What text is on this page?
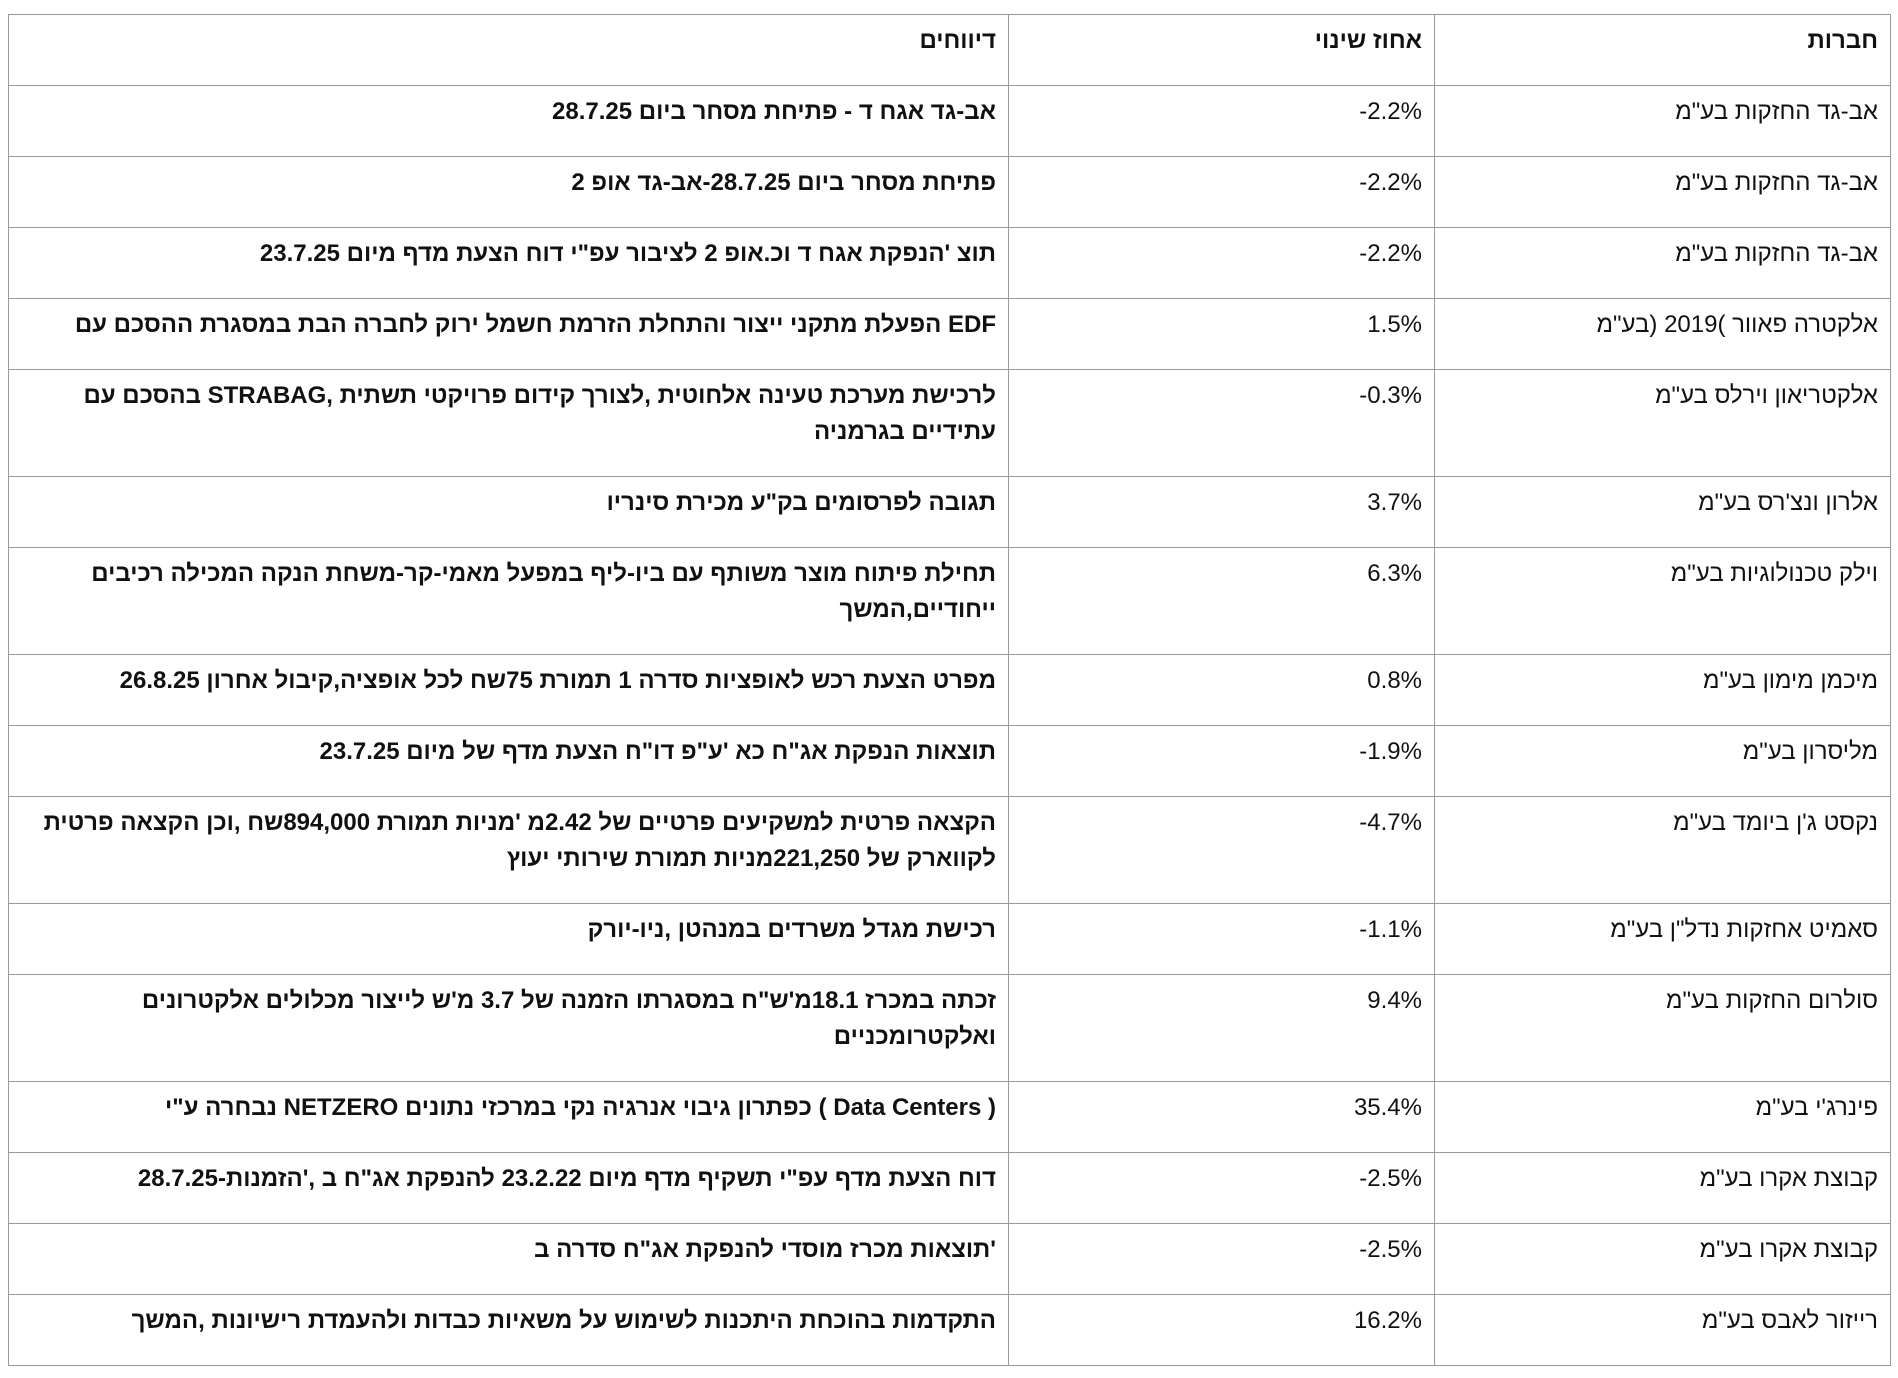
חברות	אחוז שינוי	דיווחים
אב-גד החזקות בע"מ	-2.2%	אב-גד אגח ד - פתיחת מסחר ביום 28.7.25
אב-גד החזקות בע"מ	-2.2%	פתיחת מסחר ביום 28.7.25-אב-גד אופ 2
אב-גד החזקות בע"מ	-2.2%	תוצ 'הנפקת אגח ד וכ.אופ 2 לציבור עפ"י דוח הצעת מדף מיום 23.7.25
אלקטרה פאוור )2019 (בע"מ	1.5%	EDF הפעלת מתקני ייצור והתחלת הזרמת חשמל ירוק לחברה הבת במסגרת ההסכם עם
אלקטריאון וירלס בע"מ	-0.3%	לרכישת מערכת טעינה אלחוטית ,לצורך קידום פרויקטי תשתית ,STRABAG בהסכם עם עתידיים בגרמניה
אלרון ונצ'רס בע"מ	3.7%	תגובה לפרסומים בק"ע מכירת סינריו
וילק טכנולוגיות בע"מ	6.3%	תחילת פיתוח מוצר משותף עם ביו-ליף במפעל מאמי-קר-משחת הנקה המכילה רכיבים ייחודיים,המשך
מיכמן מימון בע"מ	0.8%	מפרט הצעת רכש לאופציות סדרה 1 תמורת 75שח לכל אופציה,קיבול אחרון 26.8.25
מליסרון בע"מ	-1.9%	תוצאות הנפקת אג"ח כא 'ע"פ דו"ח הצעת מדף של מיום 23.7.25
נקסט ג'ן ביומד בע"מ	-4.7%	הקצאה פרטית למשקיעים פרטיים של 2.42מ 'מניות תמורת 894,000שח ,וכן הקצאה פרטית לקווארק של 221,250מניות תמורת שירותי יעוץ
סאמיט אחזקות נדל"ן בע"מ	-1.1%	רכישת מגדל משרדים במנהטן ,ניו-יורק
סולרום החזקות בע"מ	9.4%	זכתה במכרז 18.1מ'ש"ח במסגרתו הזמנה של 3.7 מ'ש לייצור מכלולים אלקטרונים ואלקטרומכניים
פינרג'י בע"מ	35.4%	( Data Centers ) כפתרון גיבוי אנרגיה נקי במרכזי נתונים NETZERO נבחרה ע"י
קבוצת אקרו בע"מ	-2.5%	דוח הצעת מדף עפ"י תשקיף מדף מיום 23.2.22 להנפקת אג"ח ב ,'הזמנות-28.7.25
קבוצת אקרו בע"מ	-2.5%	'תוצאות מכרז מוסדי להנפקת אג"ח סדרה ב
רייזור לאבס בע"מ	16.2%	התקדמות בהוכחת היתכנות לשימוש על משאיות כבדות ולהעמדת רישיונות ,המשך
